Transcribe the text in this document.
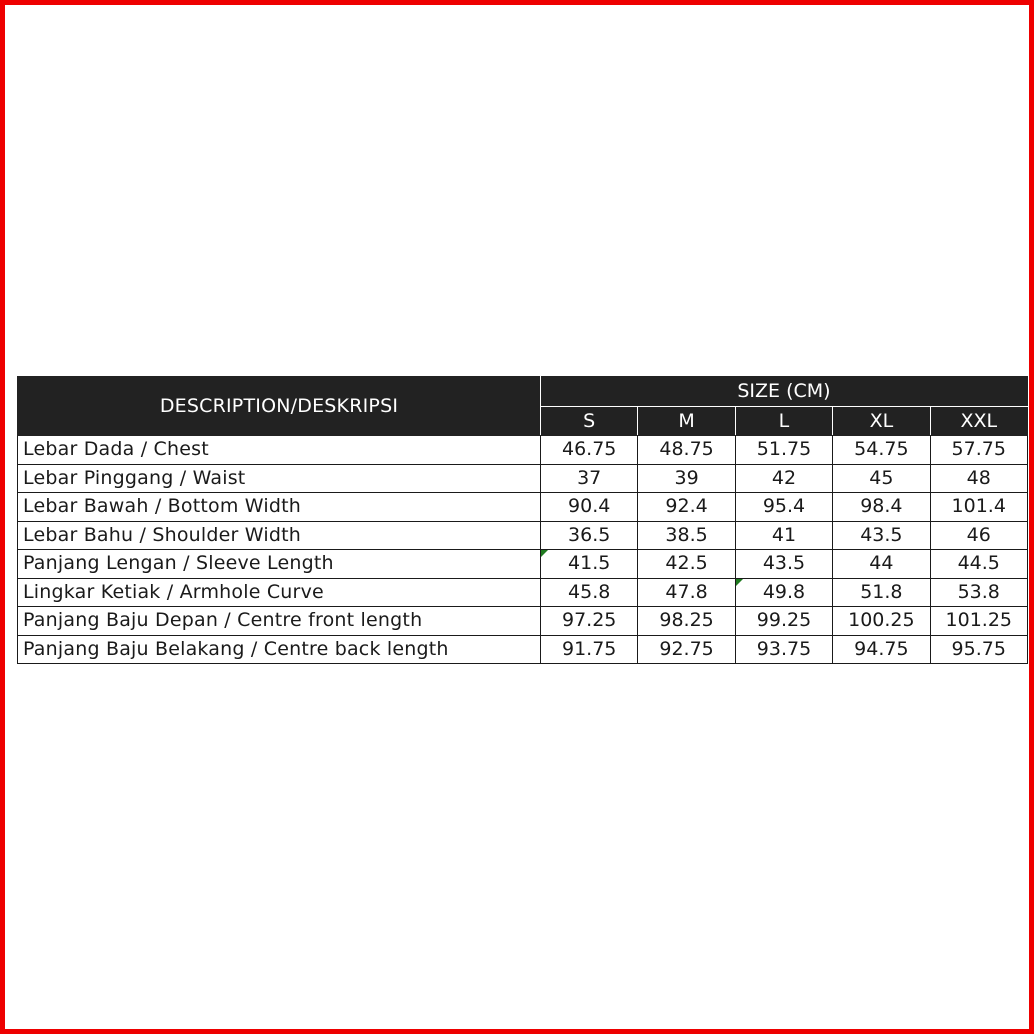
DESCRIPTION/DESKRIPSI	SIZE (CM)				
	S	M	L	XL	XXL
Lebar Dada / Chest	46.75	48.75	51.75	54.75	57.75
Lebar Pinggang / Waist	37	39	42	45	48
Lebar Bawah / Bottom Width	90.4	92.4	95.4	98.4	101.4
Lebar Bahu / Shoulder Width	36.5	38.5	41	43.5	46
Panjang Lengan / Sleeve Length	41.5	42.5	43.5	44	44.5
Lingkar Ketiak / Armhole Curve	45.8	47.8	49.8	51.8	53.8
Panjang Baju Depan / Centre front length	97.25	98.25	99.25	100.25	101.25
Panjang Baju Belakang / Centre back length	91.75	92.75	93.75	94.75	95.75
